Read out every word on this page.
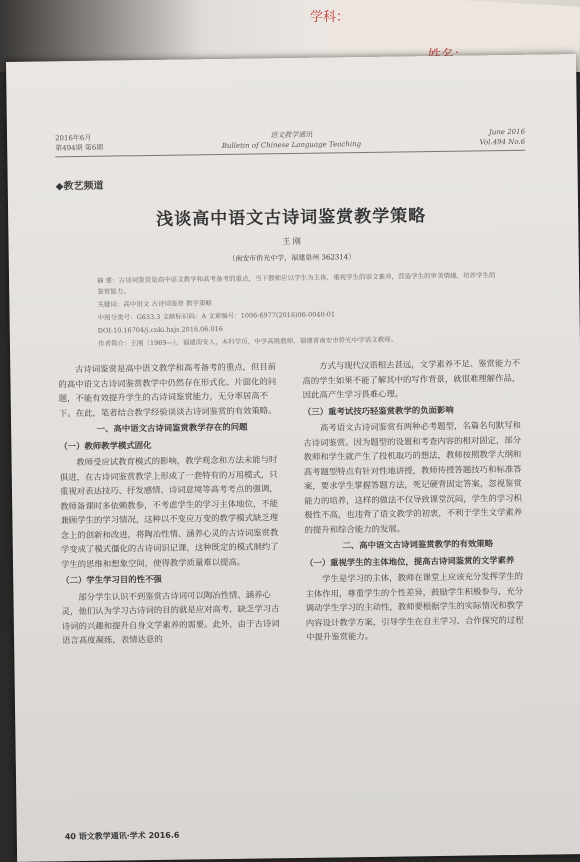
学科：
2016年6月
第494期 第6期
语文教学通讯
Bulletin of Chinese Language Teaching
June 2016
Vol.494 No.6
◆教艺频道
浅谈高中语文古诗词鉴赏教学策略
王 刚
（南安市侨光中学，福建泉州 362314）
摘 要：古诗词鉴赏是高中语文教学和高考备考的重点，当下教师应以学生为主体，重视学生的语文素养，营造学生的审美情趣，培养学生的鉴赏能力。
关键词：高中语文 古诗词鉴赏 教学策略
中图分类号：G633.3 文献标识码：A 文章编号：1006-6977(2016)06-0040-01
DOI:10.16704/j.cnki.hxjs.2016.06.016
作者简介：王刚（1969—），福建南安人，本科学历，中学高级教师，福建省南安市侨光中学语文教师。
古诗词鉴赏是高中语文教学和高考备考的重点，但目前的高中语文古诗词鉴赏教学中仍然存在形式化、片面化的问题，不能有效提升学生的古诗词鉴赏能力，无分率居高不下。在此，笔者结合教学经验谈谈古诗词鉴赏的有效策略。
一、高中语文古诗词鉴赏教学存在的问题
（一）教师教学模式固化
教师受应试教育模式的影响，教学观念和方法未能与时俱进，在古诗词鉴赏教学上形成了一套特有的万用模式，只重视对表达技巧、抒发感情、诗词意境等高考考点的强调，教师备课时多依赖教参，不考虑学生的学习主体地位，不能兼顾学生的学习情况，这种以不变应万变的教学模式缺乏理念上的创新和改进，将陶冶性情、涵养心灵的古诗词鉴赏教学变成了模式僵化的古诗词识记课，这种既定的模式制约了学生的思维和想象空间，使得教学质量难以提高。
（二）学生学习目的性不强
部分学生认识不到鉴赏古诗词可以陶冶性情、涵养心灵，他们认为学习古诗词的目的就是应对高考，缺乏学习古诗词的兴趣和提升自身文学素养的需要。此外，由于古诗词语言高度凝练，表情达意的
方式与现代汉语相去甚远，文学素养不足、鉴赏能力不高的学生如果不能了解其中的写作背景，就很难理解作品，因此高产生学习畏难心理。
（三）重考试技巧轻鉴赏教学的负面影响
高考语文古诗词鉴赏有两种必考题型，名篇名句默写和古诗词鉴赏。因为题型的设置和考查内容的相对固定，部分教师和学生就产生了投机取巧的想法，教师按照教学大纲和高考题型特点有针对性地讲授，教师传授答题技巧和标准答案，要求学生掌握答题方法，死记硬背固定答案，忽视鉴赏能力的培养，这样的做法不仅导致课堂沉闷，学生的学习积极性不高，也违背了语文教学的初衷，不利于学生文学素养的提升和综合能力的发展。
二、高中语文古诗词鉴赏教学的有效策略
（一）重视学生的主体地位，提高古诗词鉴赏的文学素养
学生是学习的主体，教师在课堂上应该充分发挥学生的主体作用，尊重学生的个性差异，鼓励学生积极参与，充分调动学生学习的主动性，教师要根据学生的实际情况和教学内容设计教学方案，引导学生在自主学习、合作探究的过程中提升鉴赏能力。
40 语文教学通讯·学术 2016.6
